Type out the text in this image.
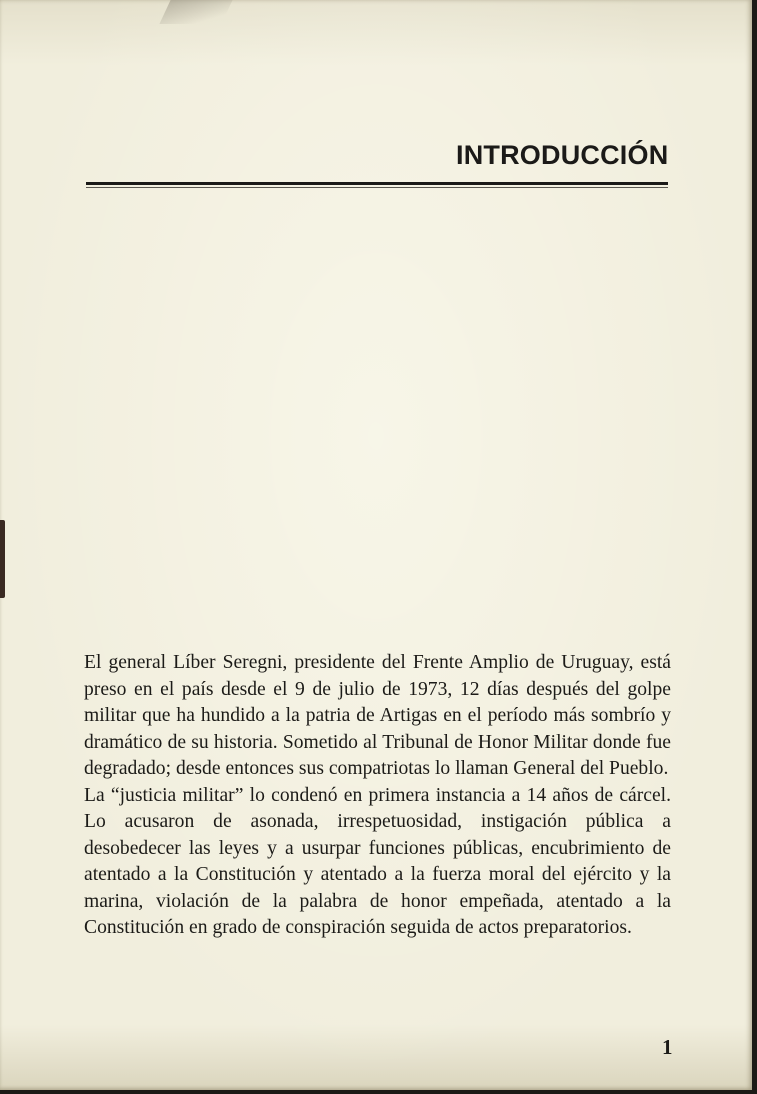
INTRODUCCIÓN

El general Líber Seregni, presidente del Frente Amplio de Uruguay, está preso en el país desde el 9 de julio de 1973, 12 días después del golpe militar que ha hundido a la patria de Artigas en el período más sombrío y dramático de su historia. Sometido al Tribunal de Honor Militar donde fue degradado; desde entonces sus compatriotas lo llaman General del Pueblo.

La “justicia militar” lo condenó en primera instancia a 14 años de cárcel. Lo acusaron de asonada, irrespetuosidad, instigación pública a desobedecer las leyes y a usurpar funciones públicas, encubrimiento de atentado a la Constitución y atentado a la fuerza moral del ejército y la marina, violación de la palabra de honor empeñada, atentado a la Constitución en grado de conspiración seguida de actos preparatorios.

1
